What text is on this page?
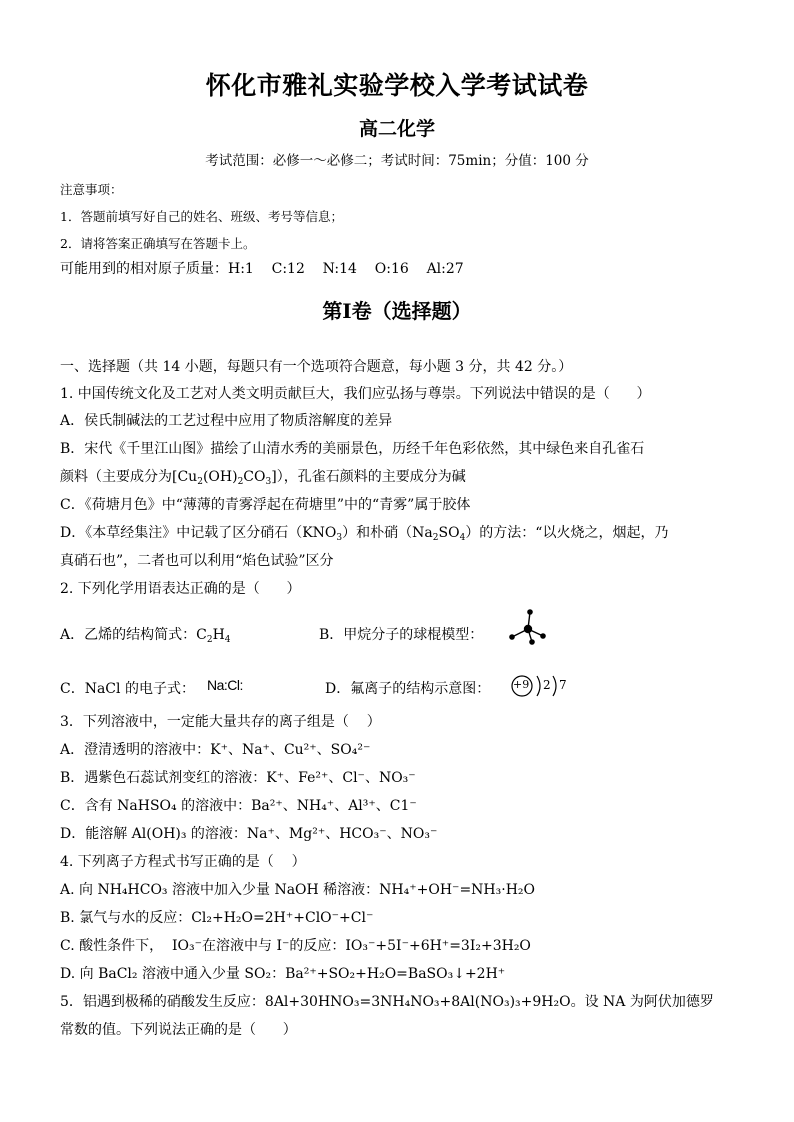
怀化市雅礼实验学校入学考试试卷
高二化学
考试范围：必修一～必修二；考试时间：75min；分值：100 分
注意事项：
1．答题前填写好自己的姓名、班级、考号等信息；
2．请将答案正确填写在答题卡上。
可能用到的相对原子质量：H:1    C:12    N:14    O:16    Al:27
第Ⅰ卷（选择题）
一、选择题（共 14 小题，每题只有一个选项符合题意，每小题 3 分，共 42 分。）
1. 中国传统文化及工艺对人类文明贡献巨大，我们应弘扬与尊崇。下列说法中错误的是（      ）
A．侯氏制碱法的工艺过程中应用了物质溶解度的差异
B．宋代《千里江山图》描绘了山清水秀的美丽景色，历经千年色彩依然，其中绿色来自孔雀石
颜料（主要成分为$[Cu_2(OH)_2CO_3]$），孔雀石颜料的主要成分为碱
C．《荷塘月色》中“薄薄的青雾浮起在荷塘里”中的“青雾”属于胶体
D．《本草经集注》中记载了区分硝石$(KNO_3)$和朴硝$(Na_2SO_4)$的方法：“以火烧之，烟起，乃
真硝石也”，二者也可以利用“焰色试验”区分
2. 下列化学用语表达正确的是（      ）
A．乙烯的结构简式：$C_2H_4$	B．甲烷分子的球棍模型：
C．NaCl 的电子式： Na:Cl:	D．氟离子的结构示意图： +9 2 7
3．下列溶液中，一定能大量共存的离子组是（    ）
A．澄清透明的溶液中：K⁺、Na⁺、Cu²⁺、SO₄²⁻
B．遇紫色石蕊试剂变红的溶液：K⁺、Fe²⁺、Cl⁻、NO₃⁻
C．含有 NaHSO₄ 的溶液中：Ba²⁺、NH₄⁺、Al³⁺、C1⁻
D．能溶解 Al(OH)₃ 的溶液：Na⁺、Mg²⁺、HCO₃⁻、NO₃⁻
4. 下列离子方程式书写正确的是（    ）
A. 向 NH₄HCO₃ 溶液中加入少量 NaOH 稀溶液：NH₄⁺+OH⁻=NH₃·H₂O
B. 氯气与水的反应：Cl₂+H₂O=2H⁺+ClO⁻+Cl⁻
C. 酸性条件下，  IO₃⁻在溶液中与 I⁻的反应：IO₃⁻+5I⁻+6H⁺=3I₂+3H₂O
D. 向 BaCl₂ 溶液中通入少量 SO₂：Ba²⁺+SO₂+H₂O=BaSO₃↓+2H⁺
5．铝遇到极稀的硝酸发生反应：8Al+30HNO₃=3NH₄NO₃+8Al(NO₃)₃+9H₂O。设 NA 为阿伏加德罗
常数的值。下列说法正确的是（      ）
